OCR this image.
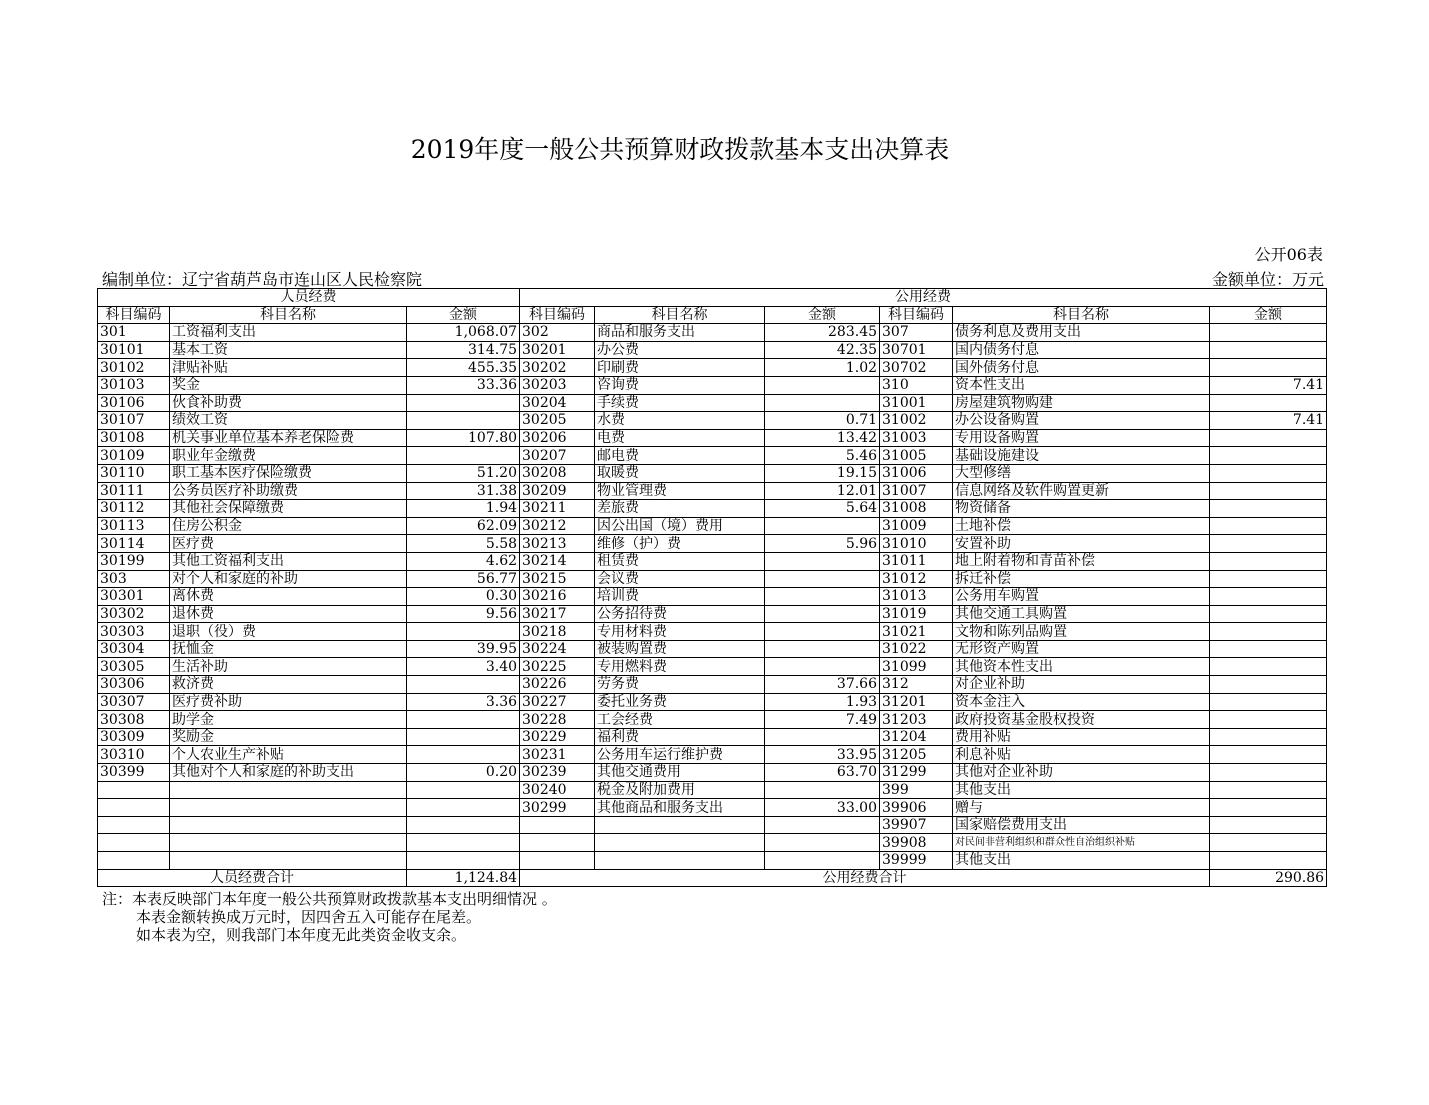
2019年度一般公共预算财政拨款基本支出决算表
公开06表
编制单位：辽宁省葫芦岛市连山区人民检察院	金额单位：万元
人员经费			公用经费					
科目编码	科目名称	金额	科目编码	科目名称	金额	科目编码	科目名称	金额
301	工资福利支出	1,068.07	302	商品和服务支出	283.45	307	债务利息及费用支出	
30101	基本工资	314.75	30201	办公费	42.35	30701	国内债务付息	
30102	津贴补贴	455.35	30202	印刷费	1.02	30702	国外债务付息	
30103	奖金	33.36	30203	咨询费		310	资本性支出	7.41
30106	伙食补助费		30204	手续费		31001	房屋建筑物购建	
30107	绩效工资		30205	水费	0.71	31002	办公设备购置	7.41
30108	机关事业单位基本养老保险费	107.80	30206	电费	13.42	31003	专用设备购置	
30109	职业年金缴费		30207	邮电费	5.46	31005	基础设施建设	
30110	职工基本医疗保险缴费	51.20	30208	取暖费	19.15	31006	大型修缮	
30111	公务员医疗补助缴费	31.38	30209	物业管理费	12.01	31007	信息网络及软件购置更新	
30112	其他社会保障缴费	1.94	30211	差旅费	5.64	31008	物资储备	
30113	住房公积金	62.09	30212	因公出国（境）费用		31009	土地补偿	
30114	医疗费	5.58	30213	维修（护）费	5.96	31010	安置补助	
30199	其他工资福利支出	4.62	30214	租赁费		31011	地上附着物和青苗补偿	
303	对个人和家庭的补助	56.77	30215	会议费		31012	拆迁补偿	
30301	离休费	0.30	30216	培训费		31013	公务用车购置	
30302	退休费	9.56	30217	公务招待费		31019	其他交通工具购置	
30303	退职（役）费		30218	专用材料费		31021	文物和陈列品购置	
30304	抚恤金	39.95	30224	被装购置费		31022	无形资产购置	
30305	生活补助	3.40	30225	专用燃料费		31099	其他资本性支出	
30306	救济费		30226	劳务费	37.66	312	对企业补助	
30307	医疗费补助	3.36	30227	委托业务费	1.93	31201	资本金注入	
30308	助学金		30228	工会经费	7.49	31203	政府投资基金股权投资	
30309	奖励金		30229	福利费		31204	费用补贴	
30310	个人农业生产补贴		30231	公务用车运行维护费	33.95	31205	利息补贴	
30399	其他对个人和家庭的补助支出	0.20	30239	其他交通费用	63.70	31299	其他对企业补助	
			30240	税金及附加费用		399	其他支出	
			30299	其他商品和服务支出	33.00	39906	赠与	
						39907	国家赔偿费用支出	
						39908	对民间非营利组织和群众性自治组织补贴	
						39999	其他支出	
人员经费合计		1,124.84	公用经费合计					290.86
注：本表反映部门本年度一般公共预算财政拨款基本支出明细情况 。
本表金额转换成万元时，因四舍五入可能存在尾差。
如本表为空，则我部门本年度无此类资金收支余。
